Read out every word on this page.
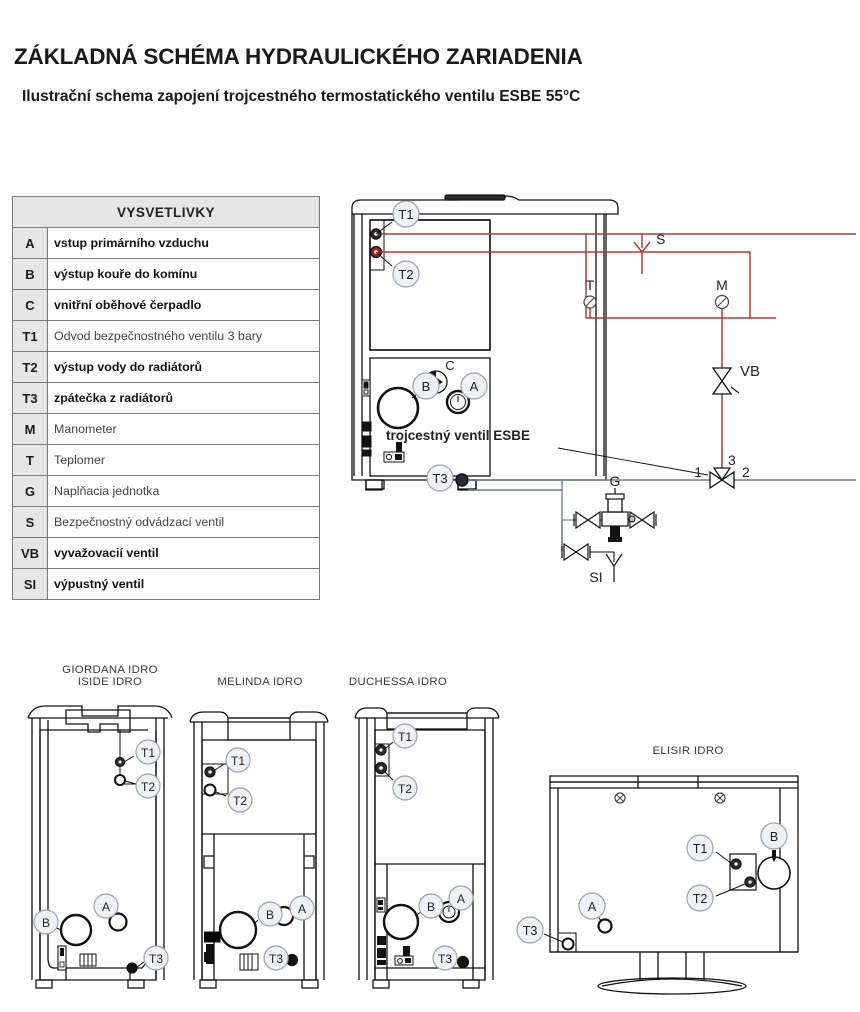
ZÁKLADNÁ SCHÉMA HYDRAULICKÉHO ZARIADENIA
Ilustrační schema zapojení trojcestného termostatického ventilu ESBE 55°C
VYSVETLIVKY	
A	vstup primárního vzduchu
B	výstup kouře do komínu
C	vnitřní oběhové čerpadlo
T1	Odvod bezpečnostného ventilu 3 bary
T2	výstup vody do radiátorů
T3	zpátečka z radiátorů
M	Manometer
T	Teplomer
G	Naplňacia jednotka
S	Bezpečnostný odvádzací ventil
VB	vyvažovacií ventil
SI	výpustný ventil
T1
T2
B
C
A
T3
S
T	M
VB
1	2
3
trojcestný ventil ESBE
G
SI
GIORDANA IDRO
ISIDE IDRO	MELINDA IDRO	DUCHESSA IDRO
ELISIR IDRO
T1
T2
B
A
T3
T1
T2
B A
T3
T1
T2
B
A
T3
T1
T2
B
A
T3
